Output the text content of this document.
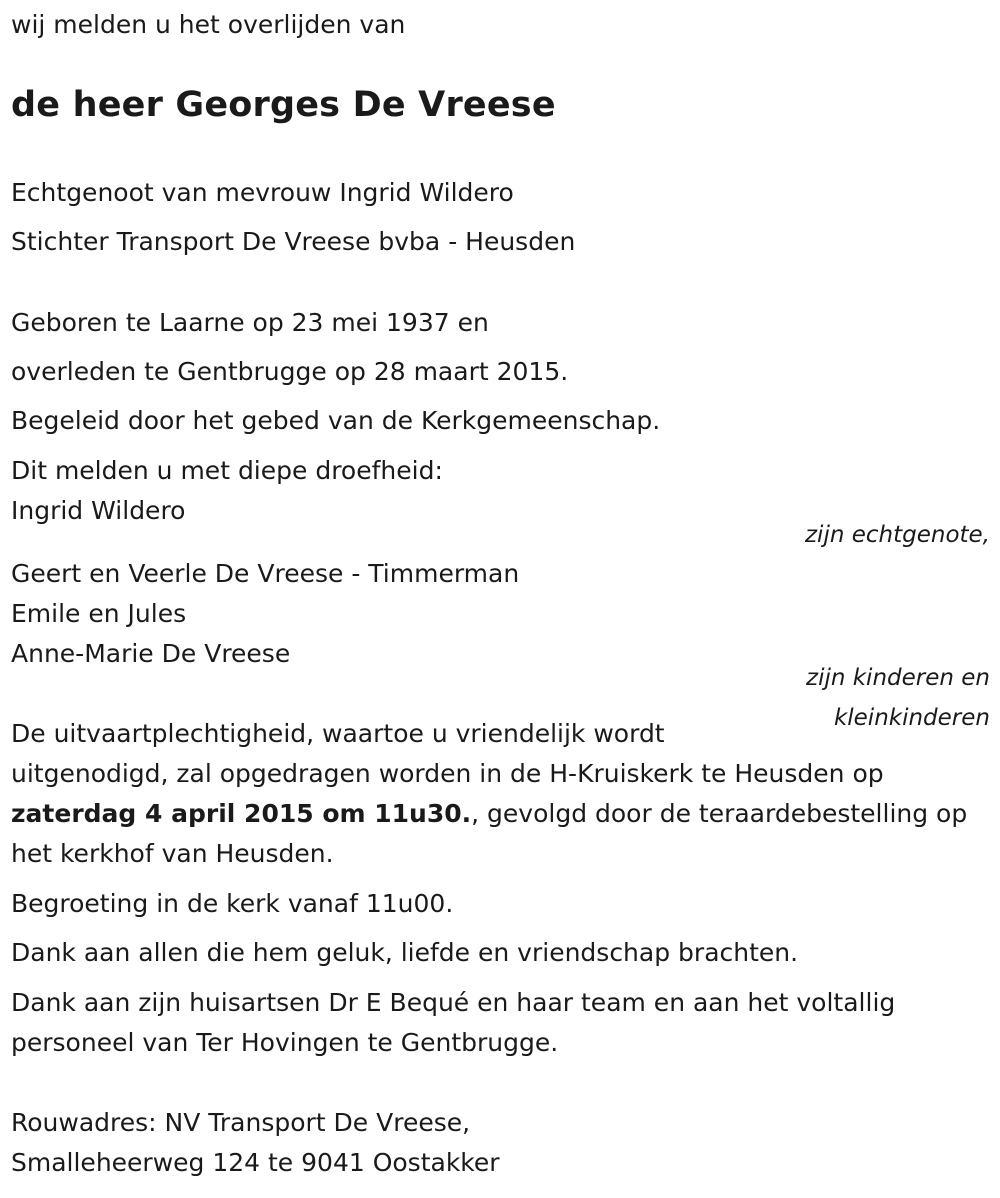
wij melden u het overlijden van

de heer Georges De Vreese

Echtgenoot van mevrouw Ingrid Wildero

Stichter Transport De Vreese bvba - Heusden

Geboren te Laarne op 23 mei 1937 en

overleden te Gentbrugge op 28 maart 2015.

Begeleid door het gebed van de Kerkgemeenschap.

Dit melden u met diepe droefheid:

Ingrid Wildero

zijn echtgenote,

Geert en Veerle De Vreese - Timmerman

Emile en Jules

Anne-Marie De Vreese

zijn kinderen en
kleinkinderen

De uitvaartplechtigheid, waartoe u vriendelijk wordt

uitgenodigd, zal opgedragen worden in de H-Kruiskerk te Heusden op

zaterdag 4 april 2015 om 11u30., gevolgd door de teraardebestelling op

het kerkhof van Heusden.

Begroeting in de kerk vanaf 11u00.

Dank aan allen die hem geluk, liefde en vriendschap brachten.

Dank aan zijn huisartsen Dr E Bequé en haar team en aan het voltallig

personeel van Ter Hovingen te Gentbrugge.

Rouwadres: NV Transport De Vreese,

Smalleheerweg 124 te 9041 Oostakker
